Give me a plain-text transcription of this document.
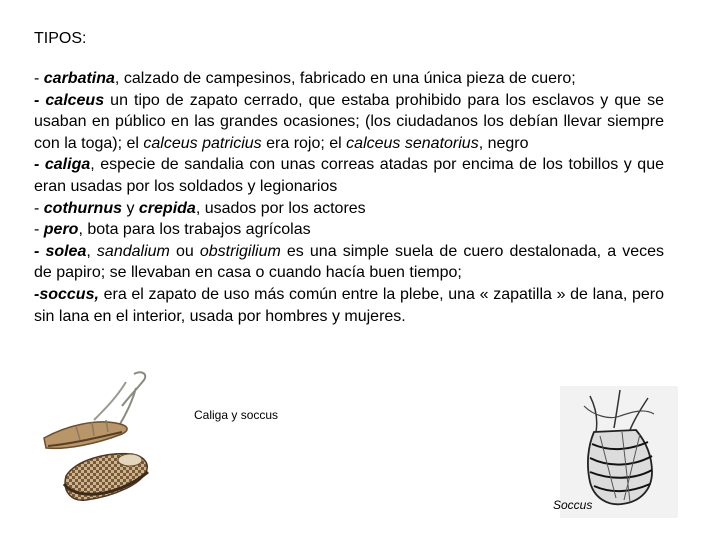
TIPOS:

- carbatina, calzado de campesinos, fabricado en una única pieza de cuero;

- calceus un tipo de zapato cerrado, que estaba prohibido para los esclavos y que se usaban en público en las grandes ocasiones; (los ciudadanos los debían llevar siempre con la toga); el calceus patricius era rojo; el calceus senatorius, negro

- caliga, especie de sandalia con unas correas atadas por encima de los tobillos y que eran usadas por los soldados y legionarios

- cothurnus y crepida, usados por los actores

- pero, bota para los trabajos agrícolas

- solea, sandalium ou obstrigilium es una simple suela de cuero destalonada, a veces de papiro; se llevaban en casa o cuando hacía buen tiempo;

-soccus, era el zapato de uso más común entre la plebe, una « zapatilla » de lana, pero sin lana en el interior, usada por hombres y mujeres.

Caliga y soccus
Soccus
